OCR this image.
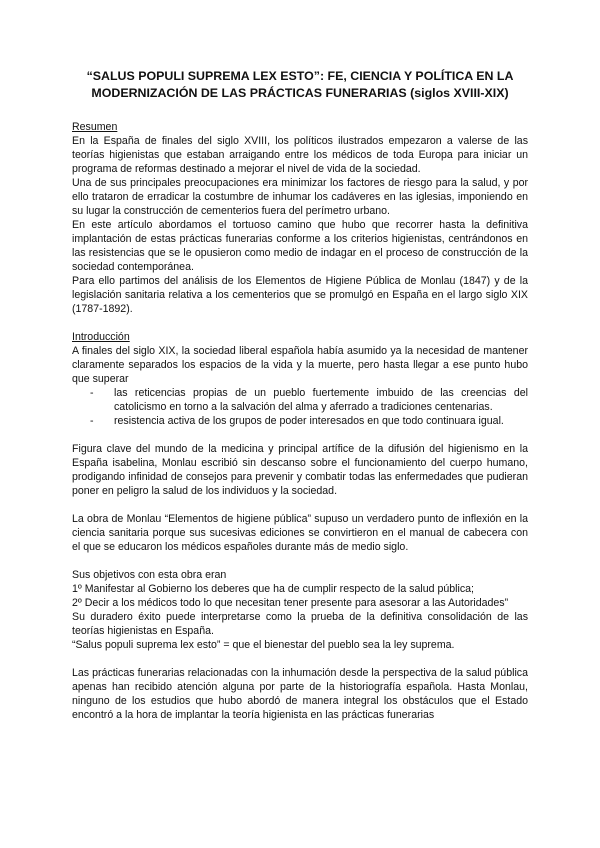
“SALUS POPULI SUPREMA LEX ESTO”: FE, CIENCIA Y POLÍTICA EN LA MODERNIZACIÓN DE LAS PRÁCTICAS FUNERARIAS (siglos XVIII-XIX)
Resumen

En la España de finales del siglo XVIII, los políticos ilustrados empezaron a valerse de las teorías higienistas que estaban arraigando entre los médicos de toda Europa para iniciar un programa de reformas destinado a mejorar el nivel de vida de la sociedad.

Una de sus principales preocupaciones era minimizar los factores de riesgo para la salud, y por ello trataron de erradicar la costumbre de inhumar los cadáveres en las iglesias, imponiendo en su lugar la construcción de cementerios fuera del perímetro urbano.

En este artículo abordamos el tortuoso camino que hubo que recorrer hasta la definitiva implantación de estas prácticas funerarias conforme a los criterios higienistas, centrándonos en las resistencias que se le opusieron como medio de indagar en el proceso de construcción de la sociedad contemporánea.

Para ello partimos del análisis de los Elementos de Higiene Pública de Monlau (1847) y de la legislación sanitaria relativa a los cementerios que se promulgó en España en el largo siglo XIX (1787-1892).

Introducción

A finales del siglo XIX, la sociedad liberal española había asumido ya la necesidad de mantener claramente separados los espacios de la vida y la muerte, pero hasta llegar a ese punto hubo que superar

- las reticencias propias de un pueblo fuertemente imbuido de las creencias del catolicismo en torno a la salvación del alma y aferrado a tradiciones centenarias.
- resistencia activa de los grupos de poder interesados en que todo continuara igual.

Figura clave del mundo de la medicina y principal artífice de la difusión del higienismo en la España isabelina, Monlau escribió sin descanso sobre el funcionamiento del cuerpo humano, prodigando infinidad de consejos para prevenir y combatir todas las enfermedades que pudieran poner en peligro la salud de los individuos y la sociedad.

La obra de Monlau “Elementos de higiene pública” supuso un verdadero punto de inflexión en la ciencia sanitaria porque sus sucesivas ediciones se convirtieron en el manual de cabecera con el que se educaron los médicos españoles durante más de medio siglo.

Sus objetivos con esta obra eran

1º Manifestar al Gobierno los deberes que ha de cumplir respecto de la salud pública;

2º Decir a los médicos todo lo que necesitan tener presente para asesorar a las Autoridades”

Su duradero éxito puede interpretarse como la prueba de la definitiva consolidación de las teorías higienistas en España.

“Salus populi suprema lex esto” = que el bienestar del pueblo sea la ley suprema.

Las prácticas funerarias relacionadas con la inhumación desde la perspectiva de la salud pública apenas han recibido atención alguna por parte de la historiografía española. Hasta Monlau, ninguno de los estudios que hubo abordó de manera integral los obstáculos que el Estado encontró a la hora de implantar la teoría higienista en las prácticas funerarias
